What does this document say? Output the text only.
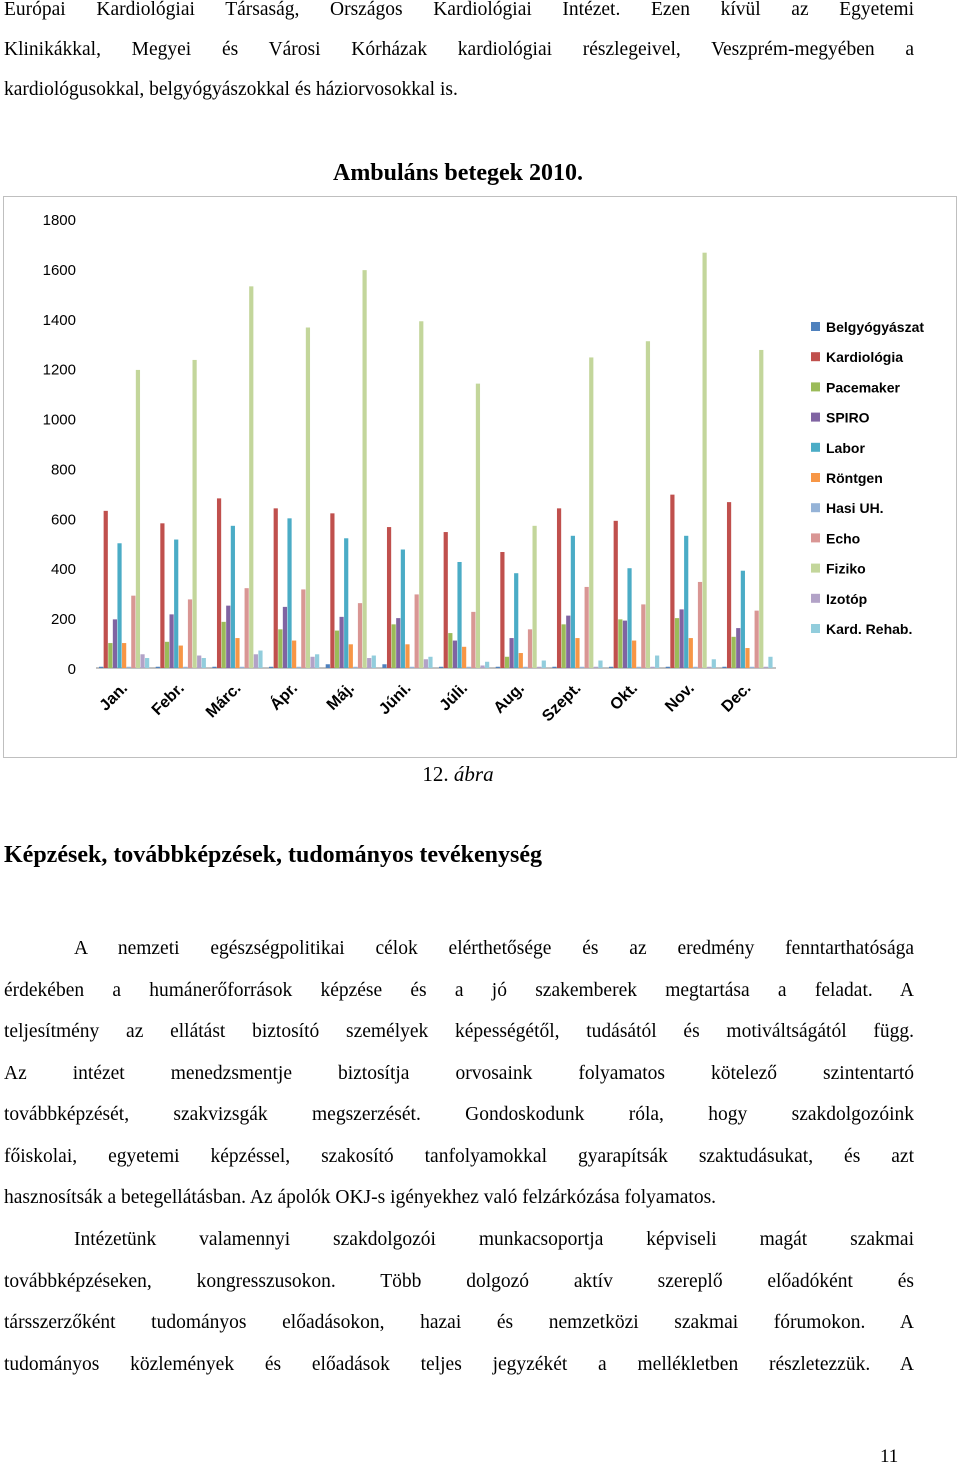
Európai Kardiológiai Társaság, Országos Kardiológiai Intézet. Ezen kívül az Egyetemi
Klinikákkal, Megyei és Városi Kórházak kardiológiai részlegeivel, Veszprém-megyében a
kardiológusokkal, belgyógyászokkal és háziorvosokkal is.
Ambuláns betegek 2010.
0
200
400
600
800
1000
1200
1400
1600
1800
Jan. Febr. Márc. Ápr. Máj. Júni. Júli. Aug. Szept. Okt. Nov. Dec.
Belgyógyászat
Kardiológia
Pacemaker
SPIRO
Labor
Röntgen
Hasi UH.
Echo
Fiziko
Izotóp
Kard. Rehab.
12. ábra
Képzések, továbbképzések, tudományos tevékenység
A nemzeti egészségpolitikai célok elérthetősége és az eredmény fenntarthatósága
érdekében a humánerőforrások képzése és a jó szakemberek megtartása a feladat. A
teljesítmény az ellátást biztosító személyek képességétől, tudásától és motiváltságától függ.
Az intézet menedzsmentje biztosítja orvosaink folyamatos kötelező szintentartó
továbbképzését, szakvizsgák megszerzését. Gondoskodunk róla, hogy szakdolgozóink
főiskolai, egyetemi képzéssel, szakosító tanfolyamokkal gyarapítsák szaktudásukat, és azt
hasznosítsák a betegellátásban. Az ápolók OKJ-s igényekhez való felzárkózása folyamatos.
Intézetünk valamennyi szakdolgozói munkacsoportja képviseli magát szakmai
továbbképzéseken, kongresszusokon. Több dolgozó aktív szereplő előadóként és
társszerzőként tudományos előadásokon, hazai és nemzetközi szakmai fórumokon. A
tudományos közlemények és előadások teljes jegyzékét a mellékletben részletezzük. A
11
